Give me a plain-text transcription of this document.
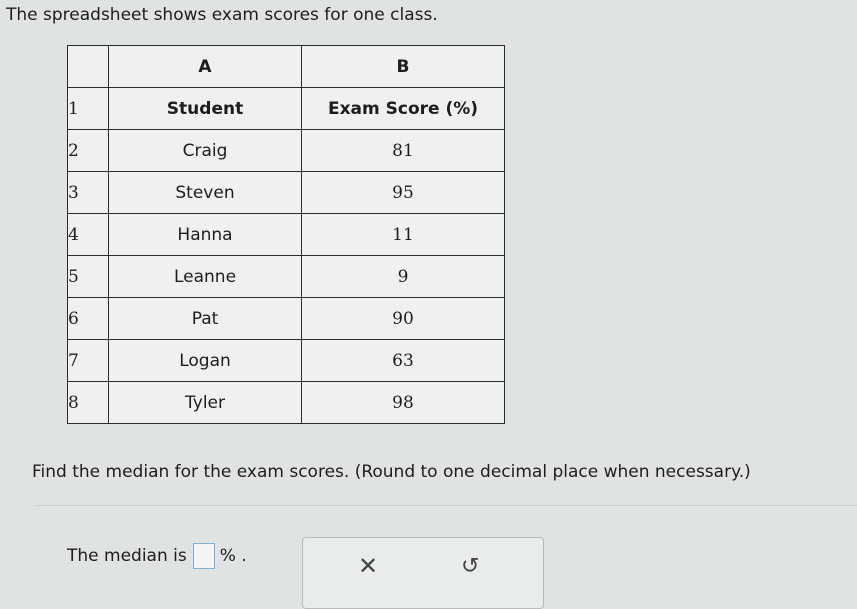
The spreadsheet shows exam scores for one class.
	A	B
1	Student	Exam Score (%)
2	Craig	81
3	Steven	95
4	Hanna	11
5	Leanne	9
6	Pat	90
7	Logan	63
8	Tyler	98
Find the median for the exam scores. (Round to one decimal place when necessary.)
The median is % .	✕	↺
